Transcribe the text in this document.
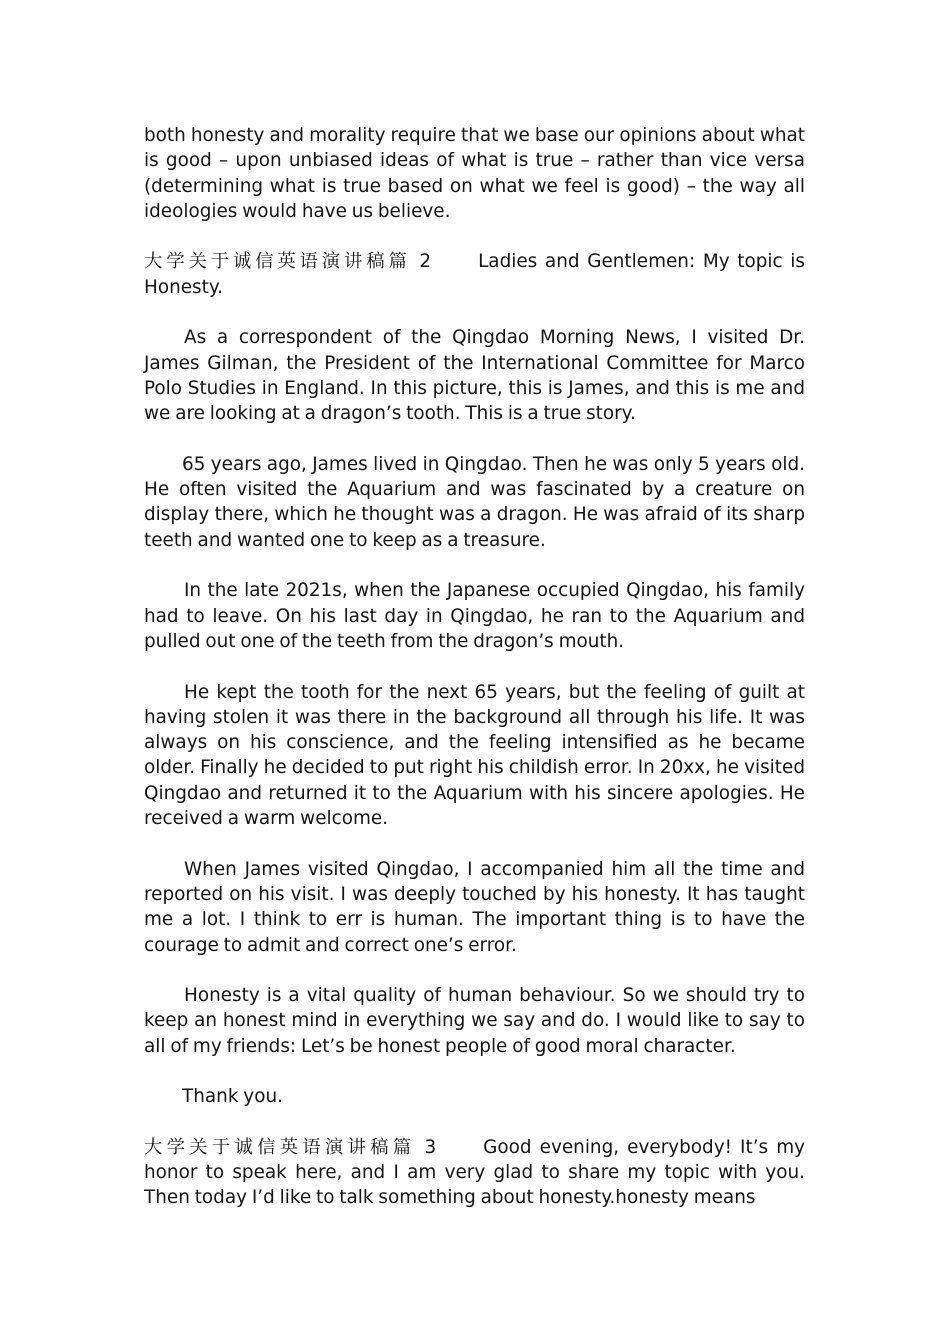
both honesty and morality require that we base our opinions about what is good – upon unbiased ideas of what is true – rather than vice versa (determining what is true based on what we feel is good) – the way all ideologies would have us believe.

大学关于诚信英语演讲稿篇 2	Ladies and Gentlemen: My topic is Honesty.

As a correspondent of the Qingdao Morning News, I visited Dr. James Gilman, the President of the International Committee for Marco Polo Studies in England. In this picture, this is James, and this is me and we are looking at a dragon’s tooth. This is a true story.

65 years ago, James lived in Qingdao. Then he was only 5 years old. He often visited the Aquarium and was fascinated by a creature on display there, which he thought was a dragon. He was afraid of its sharp teeth and wanted one to keep as a treasure.

In the late 2021s, when the Japanese occupied Qingdao, his family had to leave. On his last day in Qingdao, he ran to the Aquarium and pulled out one of the teeth from the dragon’s mouth.

He kept the tooth for the next 65 years, but the feeling of guilt at having stolen it was there in the background all through his life. It was always on his conscience, and the feeling intensified as he became older. Finally he decided to put right his childish error. In 20xx, he visited Qingdao and returned it to the Aquarium with his sincere apologies. He received a warm welcome.

When James visited Qingdao, I accompanied him all the time and reported on his visit. I was deeply touched by his honesty. It has taught me a lot. I think to err is human. The important thing is to have the courage to admit and correct one’s error.

Honesty is a vital quality of human behaviour. So we should try to keep an honest mind in everything we say and do. I would like to say to all of my friends: Let’s be honest people of good moral character.

Thank you.

大学关于诚信英语演讲稿篇 3	Good evening, everybody! It’s my honor to speak here, and I am very glad to share my topic with you. Then today I’d like to talk something about honesty.honesty means
